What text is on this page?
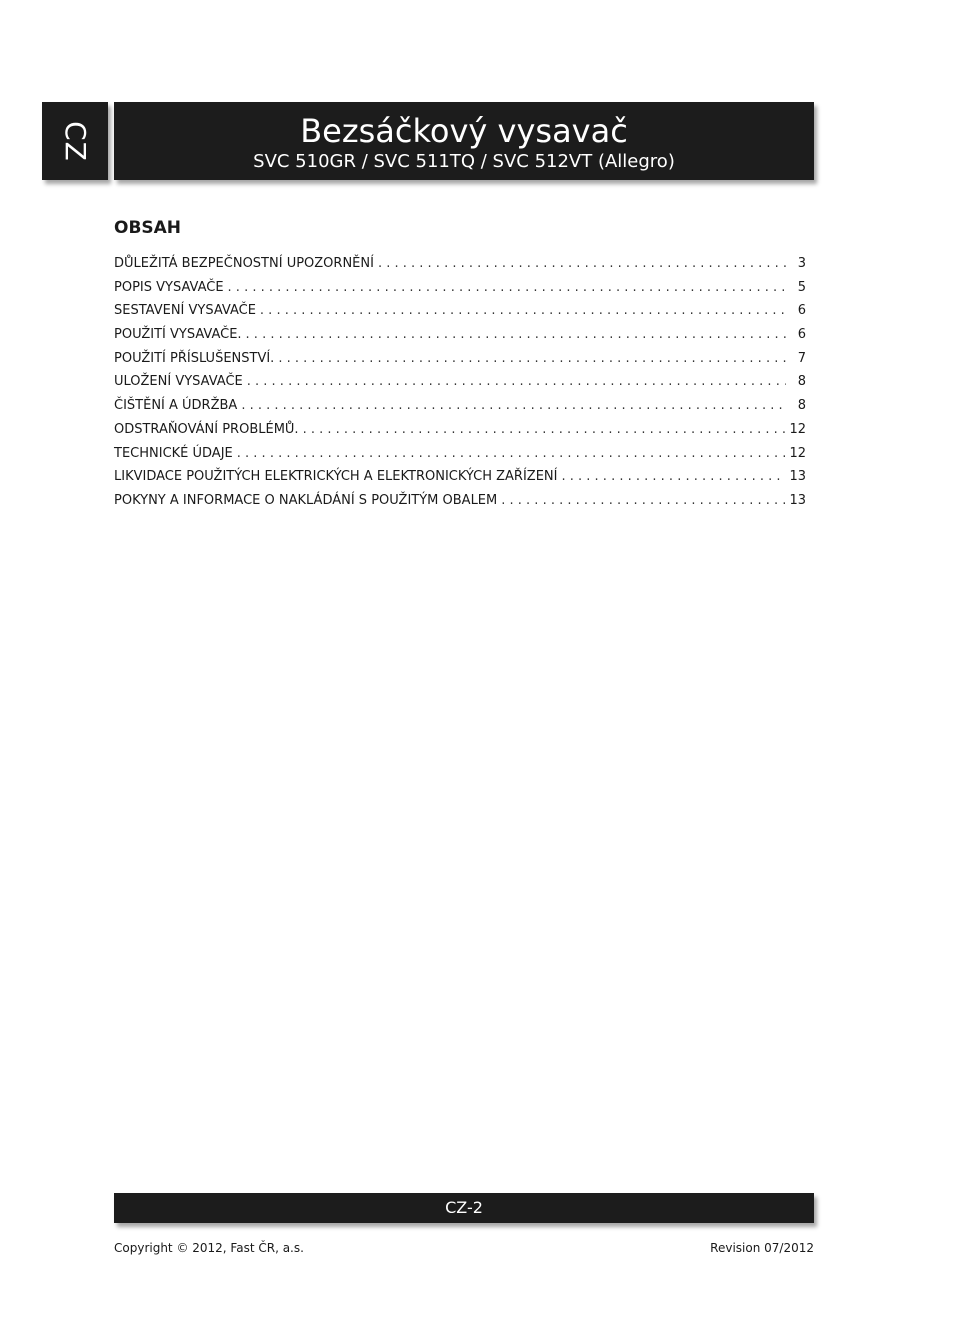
CZ	Bezsáčkový vysavač
SVC 510GR / SVC 511TQ / SVC 512VT (Allegro)
OBSAH
DŮLEŽITÁ BEZPEČNOSTNÍ UPOZORNĚNÍ . . .	3
POPIS VYSAVAČE . . .	5
SESTAVENÍ VYSAVAČE . . .	6
POUŽITÍ VYSAVAČE. . . .	6
POUŽITÍ PŘÍSLUŠENSTVÍ. . . .	7
ULOŽENÍ VYSAVAČE . . .	8
ČIŠTĚNÍ A ÚDRŽBA . . .	8
ODSTRAŇOVÁNÍ PROBLÉMŮ. . . .	12
TECHNICKÉ ÚDAJE . . .	12
LIKVIDACE POUŽITÝCH ELEKTRICKÝCH A ELEKTRONICKÝCH ZAŘÍZENÍ . . .	13
POKYNY A INFORMACE O NAKLÁDÁNÍ S POUŽITÝM OBALEM . . .	13
CZ-2
Copyright © 2012, Fast ČR, a.s.	Revision 07/2012
